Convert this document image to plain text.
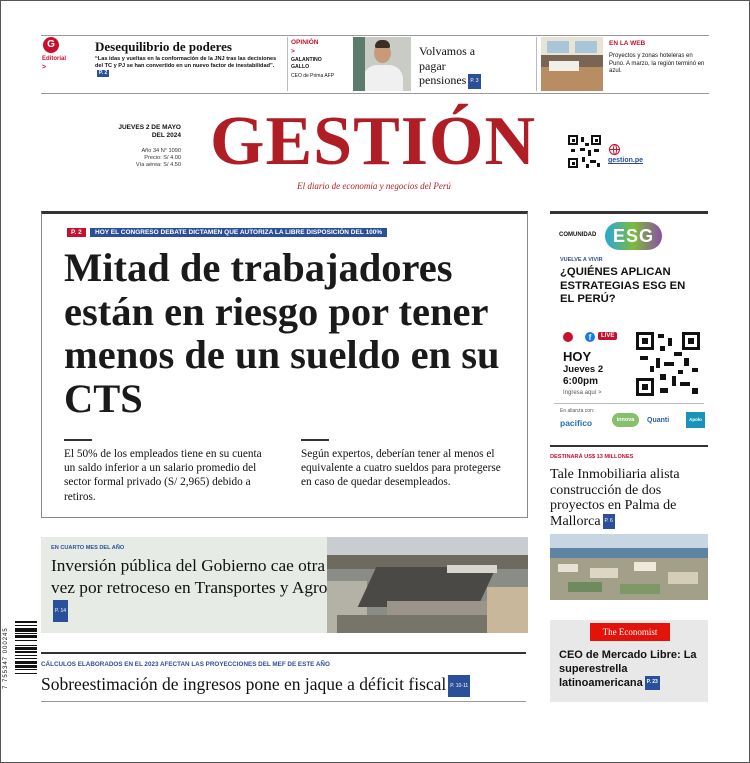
G
Editorial
>
Desequilibrio de poderes
“Las idas y vueltas en la conformación de la JNJ tras las decisiones del TC y PJ se han convertido en un nuevo factor de inestabilidad”.P. 2
OPINIÓN
>
GALANTINO GALLO
CEO de Prima AFP
Volvamos a pagar pensiones P. 3
EN LA WEB
Proyectos y zonas hoteleras en Puno. A marzo, la región terminó en azul.
JUEVES 2 DE MAYO
DEL 2024
Año 34 N° 1090
Precio: S/ 4.00
Vía aérea: S/ 4.50 GESTIÓN
El diario de economía y negocios del Perú
gestion.pe
P. 2	HOY EL CONGRESO DEBATE DICTAMEN QUE AUTORIZA LA LIBRE DISPOSICIÓN DEL 100%
Mitad de trabajadores están en riesgo por tener menos de un sueldo en su CTS
El 50% de los empleados tiene en su cuenta un saldo inferior a un salario promedio del sector formal privado (S/ 2,965) debido a retiros.
Según expertos, deberían tener al menos el equivalente a cuatro sueldos para protegerse en caso de quedar desempleados.
COMUNIDAD ESG
VUELVE A VIVIR
¿QUIÉNES APLICAN ESTRATEGIAS ESG EN EL PERÚ?
f	LIVE
HOY
Jueves 2
6:00pm
Ingresa aquí >
En alianza con:
pacifico	innova	Quanti	Apolo
DESTINARÁ US$ 13 MILLONES
Tale Inmobiliaria alista construcción de dos proyectos en Palma de Mallorca P. 6
EN CUARTO MES DEL AÑO
Inversión pública del Gobierno cae otra vez por retroceso en Transportes y AgroP. 14
CÁLCULOS ELABORADOS EN EL 2023 AFECTAN LAS PROYECCIONES DEL MEF DE ESTE AÑO
Sobreestimación de ingresos pone en jaque a déficit fiscal P. 10-11
The Economist
CEO de Mercado Libre: La superestrella latinoamericana P. 23
7 755347 000245
